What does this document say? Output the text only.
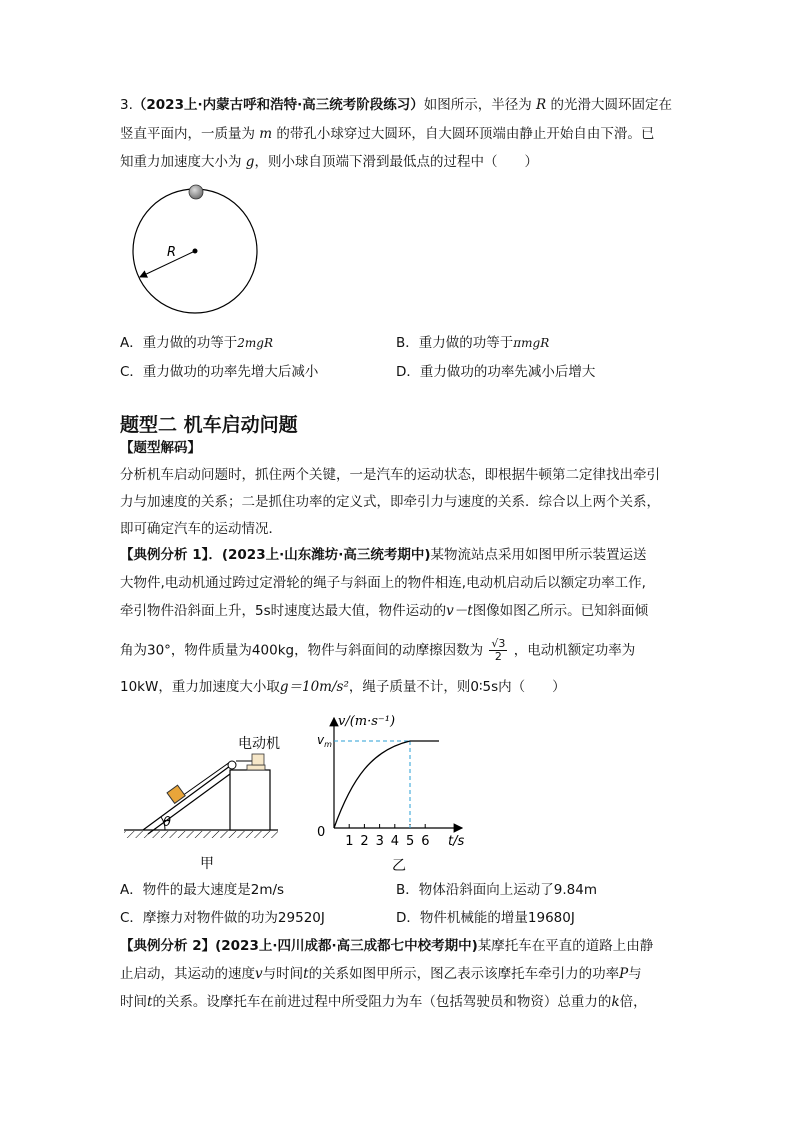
3.（2023上·内蒙古呼和浩特·高三统考阶段练习）如图所示，半径为 R 的光滑大圆环固定在
竖直平面内，一质量为 m 的带孔小球穿过大圆环，自大圆环顶端由静止开始自由下滑。已
知重力加速度大小为 g，则小球自顶端下滑到最低点的过程中（　　）
R
A．重力做的功等于2mgR	B．重力做的功等于πmgR
C．重力做功的功率先增大后减小	D．重力做功的功率先减小后增大
题型二 机车启动问题
【题型解码】
分析机车启动问题时，抓住两个关键，一是汽车的运动状态，即根据牛顿第二定律找出牵引
力与加速度的关系；二是抓住功率的定义式，即牵引力与速度的关系．综合以上两个关系，
即可确定汽车的运动情况．
【典例分析 1】．(2023上·山东潍坊·高三统考期中)某物流站点采用如图甲所示装置运送
大物件,电动机通过跨过定滑轮的绳子与斜面上的物件相连,电动机启动后以额定功率工作,
牵引物件沿斜面上升，5s时速度达最大值，物件运动的v－t图像如图乙所示。已知斜面倾
角为30°，物件质量为400kg，物件与斜面间的动摩擦因数为 $\frac{√3}{2}$ ，电动机额定功率为
10kW，重力加速度大小取g＝10m/s²，绳子质量不计，则0∶5s内（　　）
θ
电动机
甲
v/(m·s⁻¹)
0
$v_m$
1 2 3 4 5 6 t/s
乙
A．物件的最大速度是2m/s	B．物体沿斜面向上运动了9.84m
C．摩擦力对物件做的功为29520J	D．物件机械能的增量19680J
【典例分析 2】(2023上·四川成都·高三成都七中校考期中)某摩托车在平直的道路上由静
止启动，其运动的速度v与时间t的关系如图甲所示，图乙表示该摩托车牵引力的功率P与
时间t的关系。设摩托车在前进过程中所受阻力为车（包括驾驶员和物资）总重力的k倍，
